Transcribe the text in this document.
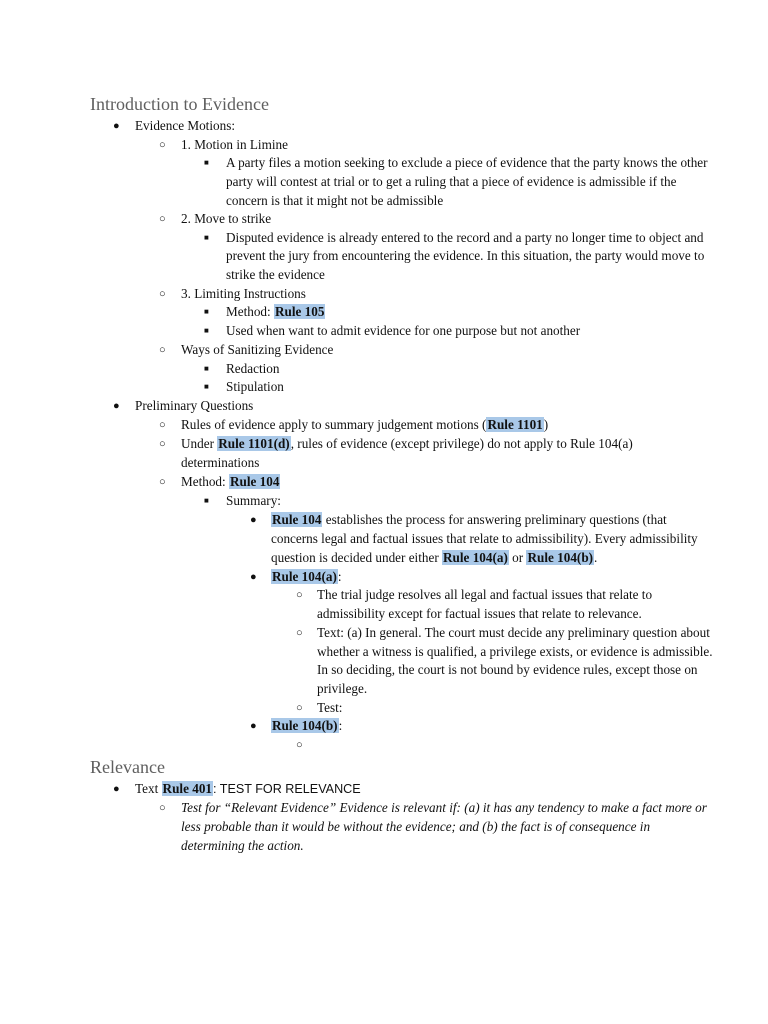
Introduction to Evidence
● Evidence Motions:
○ 1. Motion in Limine
■ A party files a motion seeking to exclude a piece of evidence that the party knows the other
party will contest at trial or to get a ruling that a piece of evidence is admissible if the
concern is that it might not be admissible
○ 2. Move to strike
■ Disputed evidence is already entered to the record and a party no longer time to object and
prevent the jury from encountering the evidence. In this situation, the party would move to
strike the evidence
○ 3. Limiting Instructions
■ Method: Rule 105
■ Used when want to admit evidence for one purpose but not another
○ Ways of Sanitizing Evidence
■ Redaction
■ Stipulation
● Preliminary Questions
○ Rules of evidence apply to summary judgement motions (Rule 1101)
○ Under Rule 1101(d), rules of evidence (except privilege) do not apply to Rule 104(a)
determinations
○ Method: Rule 104
■ Summary:
● Rule 104 establishes the process for answering preliminary questions (that
concerns legal and factual issues that relate to admissibility). Every admissibility
question is decided under either Rule 104(a) or Rule 104(b).
● Rule 104(a):
○ The trial judge resolves all legal and factual issues that relate to
admissibility except for factual issues that relate to relevance.
○ Text: (a) In general. The court must decide any preliminary question about
whether a witness is qualified, a privilege exists, or evidence is admissible.
In so deciding, the court is not bound by evidence rules, except those on
privilege.
○ Test:
● Rule 104(b):
○
Relevance
● Text Rule 401: TEST FOR RELEVANCE
○ Test for “Relevant Evidence” Evidence is relevant if: (a) it has any tendency to make a fact more or
less probable than it would be without the evidence; and (b) the fact is of consequence in
determining the action.
